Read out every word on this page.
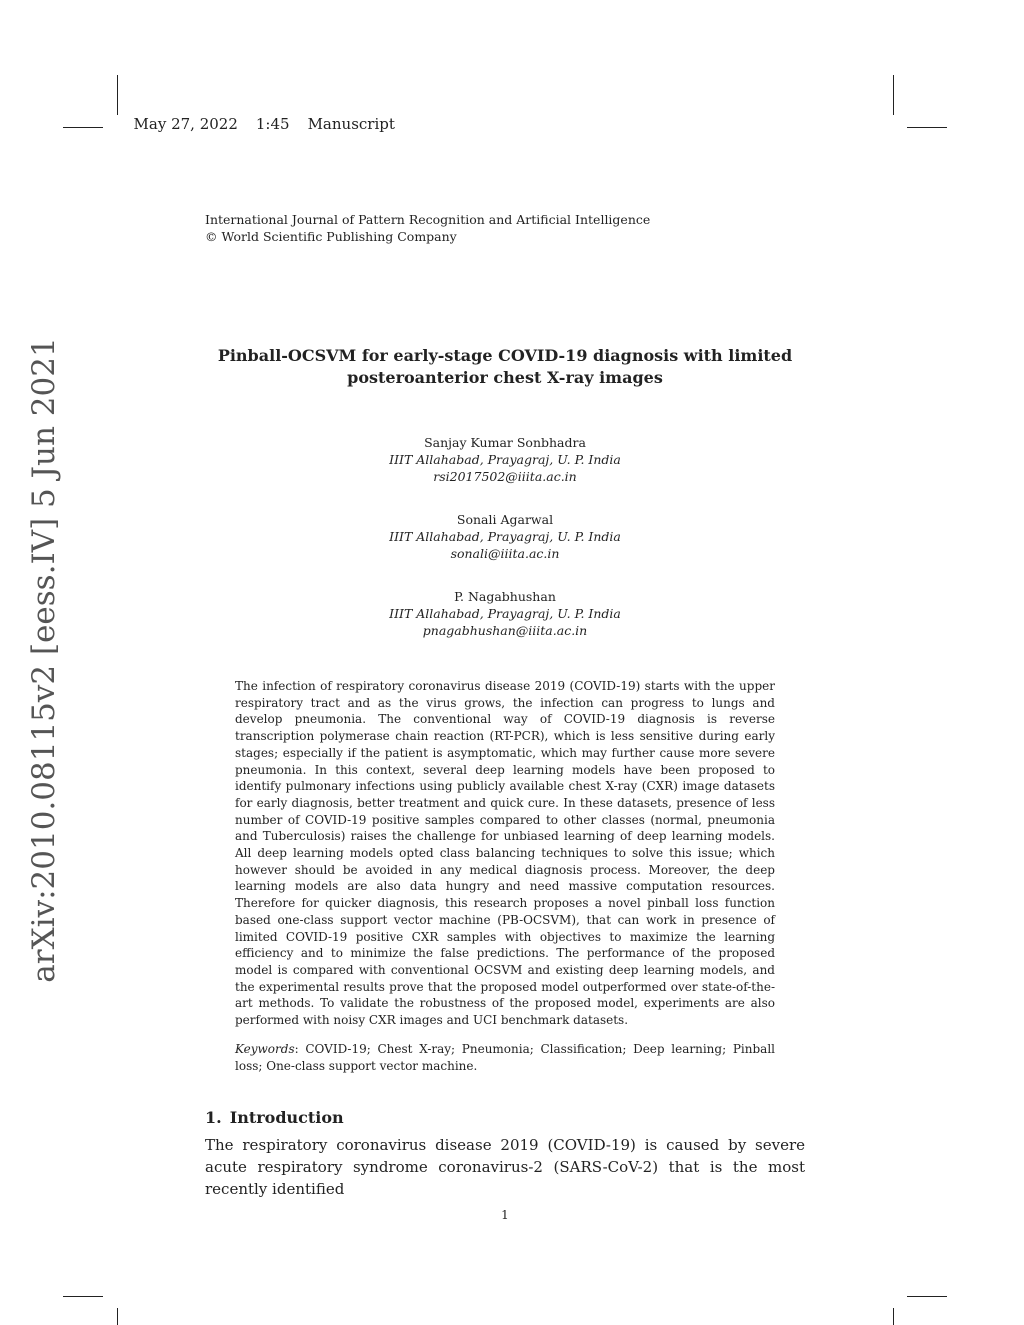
arXiv:2010.08115v2 [eess.IV] 5 Jun 2021

May 27, 2022 1:45 Manuscript

International Journal of Pattern Recognition and Artificial Intelligence
© World Scientific Publishing Company
Pinball-OCSVM for early-stage COVID-19 diagnosis with limited
posteroanterior chest X-ray images
Sanjay Kumar Sonbhadra
IIIT Allahabad, Prayagraj, U. P. India
rsi2017502@iiita.ac.in
Sonali Agarwal
IIIT Allahabad, Prayagraj, U. P. India
sonali@iiita.ac.in
P. Nagabhushan
IIIT Allahabad, Prayagraj, U. P. India
pnagabhushan@iiita.ac.in
The infection of respiratory coronavirus disease 2019 (COVID-19) starts with the upper respiratory tract and as the virus grows, the infection can progress to lungs and develop pneumonia. The conventional way of COVID-19 diagnosis is reverse transcription polymerase chain reaction (RT-PCR), which is less sensitive during early stages; especially if the patient is asymptomatic, which may further cause more severe pneumonia. In this context, several deep learning models have been proposed to identify pulmonary infections using publicly available chest X-ray (CXR) image datasets for early diagnosis, better treatment and quick cure. In these datasets, presence of less number of COVID-19 positive samples compared to other classes (normal, pneumonia and Tuberculosis) raises the challenge for unbiased learning of deep learning models. All deep learning models opted class balancing techniques to solve this issue; which however should be avoided in any medical diagnosis process. Moreover, the deep learning models are also data hungry and need massive computation resources. Therefore for quicker diagnosis, this research proposes a novel pinball loss function based one-class support vector machine (PB-OCSVM), that can work in presence of limited COVID-19 positive CXR samples with objectives to maximize the learning efficiency and to minimize the false predictions. The performance of the proposed model is compared with conventional OCSVM and existing deep learning models, and the experimental results prove that the proposed model outperformed over state-of-the-art methods. To validate the robustness of the proposed model, experiments are also performed with noisy CXR images and UCI benchmark datasets.
Keywords: COVID-19; Chest X-ray; Pneumonia; Classification; Deep learning; Pinball loss; One-class support vector machine.
1. Introduction
The respiratory coronavirus disease 2019 (COVID-19) is caused by severe acute respiratory syndrome coronavirus-2 (SARS-CoV-2) that is the most recently identified
1
